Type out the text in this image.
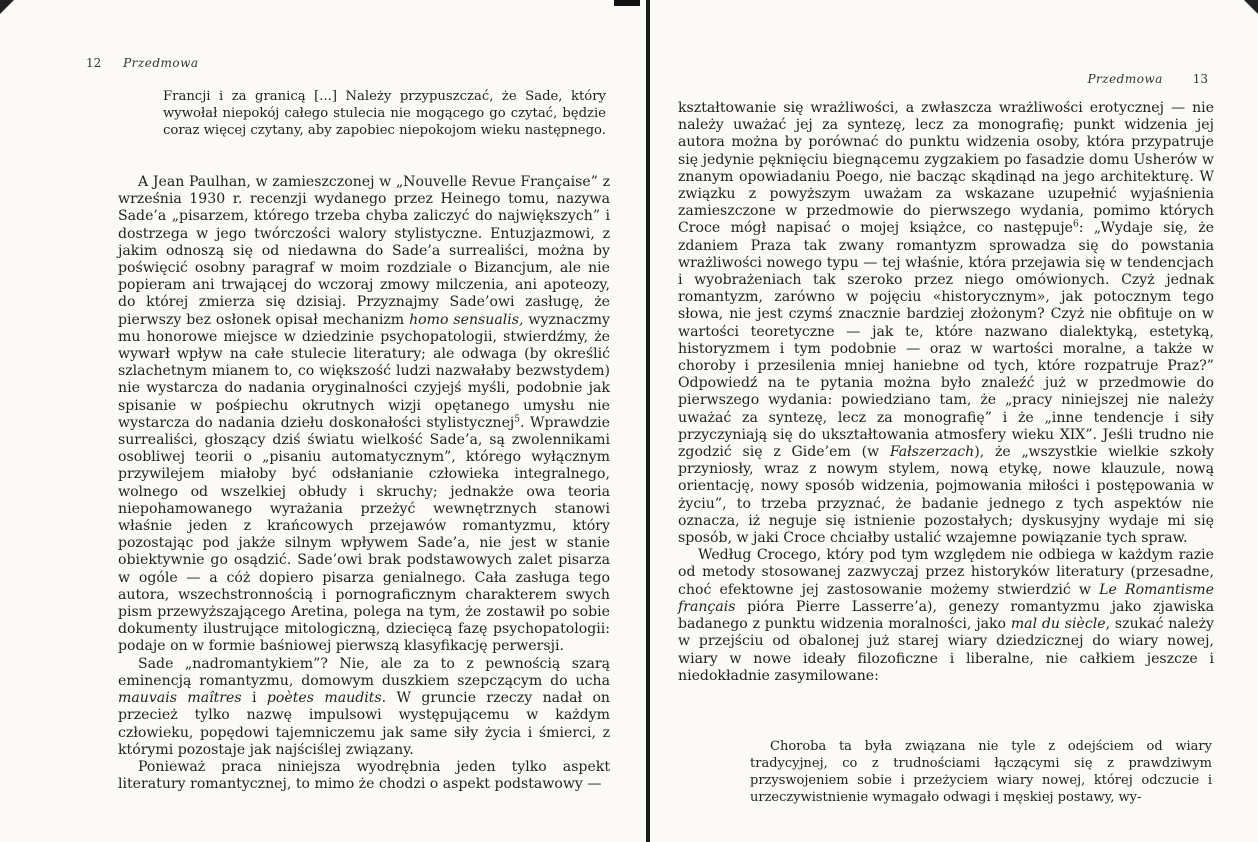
12 Przedmowa

Francji i za granicą [...] Należy przypuszczać, że Sade, który wywołał niepokój całego stulecia nie mogącego go czytać, będzie coraz więcej czytany, aby zapobiec niepokojom wieku następnego.

A Jean Paulhan, w zamieszczonej w „Nouvelle Revue Française” z września 1930 r. recenzji wydanego przez Heinego tomu, nazywa Sade’a „pisarzem, którego trzeba chyba zaliczyć do największych” i dostrzega w jego twórczości walory stylistyczne. Entuzjazmowi, z jakim odnoszą się od niedawna do Sade’a surrealiści, można by poświęcić osobny paragraf w moim rozdziale o Bizancjum, ale nie popieram ani trwającej do wczoraj zmowy milczenia, ani apoteozy, do której zmierza się dzisiaj. Przyznajmy Sade’owi zasługę, że pierwszy bez osłonek opisał mechanizm homo sensualis, wyznaczmy mu honorowe miejsce w dziedzinie psychopatologii, stwierdźmy, że wywarł wpływ na całe stulecie literatury; ale odwaga (by określić szlachetnym mianem to, co większość ludzi nazwałaby bezwstydem) nie wystarcza do nadania oryginalności czyjejś myśli, podobnie jak spisanie w pośpiechu okrutnych wizji opętanego umysłu nie wystarcza do nadania dziełu doskonałości stylistycznej$^5$. Wprawdzie surrealiści, głoszący dziś światu wielkość Sade’a, są zwolennikami osobliwej teorii o „pisaniu automatycznym”, którego wyłącznym przywilejem miałoby być odsłanianie człowieka integralnego, wolnego od wszelkiej obłudy i skruchy; jednakże owa teoria niepohamowanego wyrażania przeżyć wewnętrznych stanowi właśnie jeden z krańcowych przejawów romantyzmu, który pozostając pod jakże silnym wpływem Sade’a, nie jest w stanie obiektywnie go osądzić. Sade’owi brak podstawowych zalet pisarza w ogóle — a cóż dopiero pisarza genialnego. Cała zasługa tego autora, wszechstronnością i pornograficznym charakterem swych pism przewyższającego Aretina, polega na tym, że zostawił po sobie dokumenty ilustrujące mitologiczną, dziecięcą fazę psychopatologii: podaje on w formie baśniowej pierwszą klasyfikację perwersji.

Sade „nadromantykiem”? Nie, ale za to z pewnością szarą eminencją romantyzmu, domowym duszkiem szepczącym do ucha mauvais maîtres i poètes maudits. W gruncie rzeczy nadał on przecież tylko nazwę impulsowi występującemu w każdym człowieku, popędowi tajemniczemu jak same siły życia i śmierci, z którymi pozostaje jak najściślej związany.

Ponieważ praca niniejsza wyodrębnia jeden tylko aspekt literatury romantycznej, to mimo że chodzi o aspekt podstawowy —

Przedmowa 13

kształtowanie się wrażliwości, a zwłaszcza wrażliwości erotycznej — nie należy uważać jej za syntezę, lecz za monografię; punkt widzenia jej autora można by porównać do punktu widzenia osoby, która przypatruje się jedynie pęknięciu biegnącemu zygzakiem po fasadzie domu Usherów w znanym opowiadaniu Poego, nie bacząc skądinąd na jego architekturę. W związku z powyższym uważam za wskazane uzupełnić wyjaśnienia zamieszczone w przedmowie do pierwszego wydania, pomimo których Croce mógł napisać o mojej książce, co następuje$^6$: „Wydaje się, że zdaniem Praza tak zwany romantyzm sprowadza się do powstania wrażliwości nowego typu — tej właśnie, która przejawia się w tendencjach i wyobrażeniach tak szeroko przez niego omówionych. Czyż jednak romantyzm, zarówno w pojęciu «historycznym», jak potocznym tego słowa, nie jest czymś znacznie bardziej złożonym? Czyż nie obfituje on w wartości teoretyczne — jak te, które nazwano dialektyką, estetyką, historyzmem i tym podobnie — oraz w wartości moralne, a także w choroby i przesilenia mniej haniebne od tych, które rozpatruje Praz?” Odpowiedź na te pytania można było znaleźć już w przedmowie do pierwszego wydania: powiedziano tam, że „pracy niniejszej nie należy uważać za syntezę, lecz za monografię” i że „inne tendencje i siły przyczyniają się do ukształtowania atmosfery wieku XIX”. Jeśli trudno nie zgodzić się z Gide’em (w Fałszerzach), że „wszystkie wielkie szkoły przyniosły, wraz z nowym stylem, nową etykę, nowe klauzule, nową orientację, nowy sposób widzenia, pojmowania miłości i postępowania w życiu”, to trzeba przyznać, że badanie jednego z tych aspektów nie oznacza, iż neguje się istnienie pozostałych; dyskusyjny wydaje mi się sposób, w jaki Croce chciałby ustalić wzajemne powiązanie tych spraw.

Według Crocego, który pod tym względem nie odbiega w każdym razie od metody stosowanej zazwyczaj przez historyków literatury (przesadne, choć efektowne jej zastosowanie możemy stwierdzić w Le Romantisme français pióra Pierre Lasserre’a), genezy romantyzmu jako zjawiska badanego z punktu widzenia moralności, jako mal du siècle, szukać należy w przejściu od obalonej już starej wiary dziedzicznej do wiary nowej, wiary w nowe ideały filozoficzne i liberalne, nie całkiem jeszcze i niedokładnie zasymilowane:

Choroba ta była związana nie tyle z odejściem od wiary tradycyjnej, co z trudnościami łączącymi się z prawdziwym przyswojeniem sobie i przeżyciem wiary nowej, której odczucie i urzeczywistnienie wymagało odwagi i męskiej postawy, wy-
